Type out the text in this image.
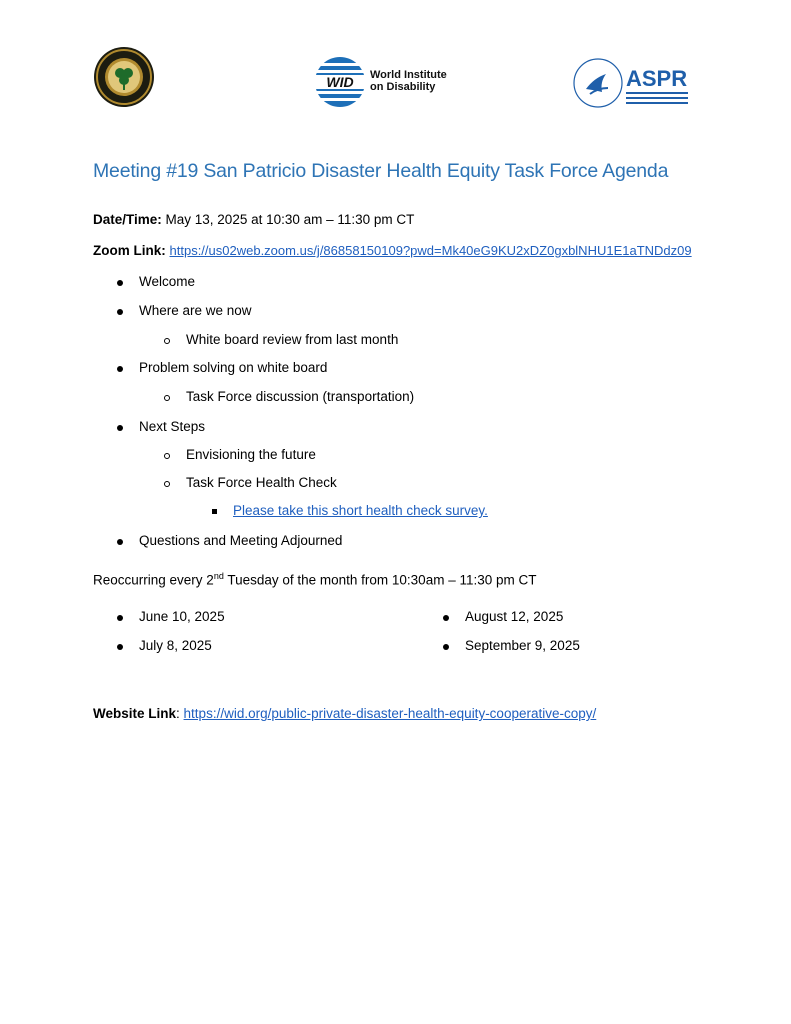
WID World Institute
on Disability	ASPR
Meeting #19 San Patricio Disaster Health Equity Task Force Agenda
Date/Time: May 13, 2025 at 10:30 am – 11:30 pm CT
Zoom Link: https://us02web.zoom.us/j/86858150109?pwd=Mk40eG9KU2xDZ0gxblNHU1E1aTNDdz09
Welcome
Where are we now
White board review from last month
Problem solving on white board
Task Force discussion (transportation)
Next Steps
Envisioning the future
Task Force Health Check
Please take this short health check survey.
Questions and Meeting Adjourned
Reoccurring every 2nd Tuesday of the month from 10:30am – 11:30 pm CT
June 10, 2025
July 8, 2025
August 12, 2025
September 9, 2025
Website Link: https://wid.org/public-private-disaster-health-equity-cooperative-copy/
